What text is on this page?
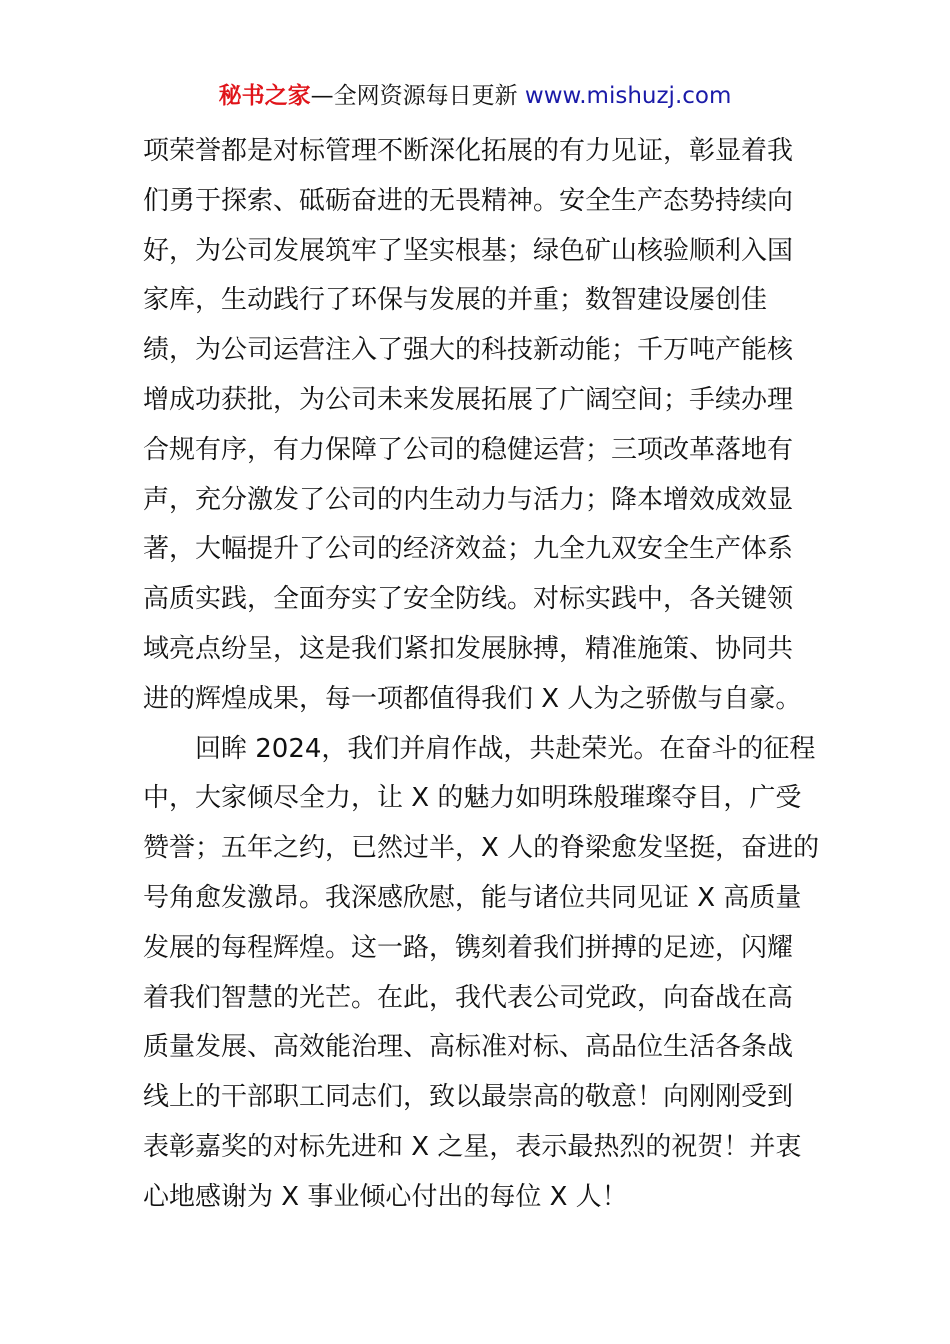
秘书之家—全网资源每日更新 www.mishuzj.com
项荣誉都是对标管理不断深化拓展的有力见证，彰显着我
们勇于探索、砥砺奋进的无畏精神。安全生产态势持续向
好，为公司发展筑牢了坚实根基；绿色矿山核验顺利入国
家库，生动践行了环保与发展的并重；数智建设屡创佳
绩，为公司运营注入了强大的科技新动能；千万吨产能核
增成功获批，为公司未来发展拓展了广阔空间；手续办理
合规有序，有力保障了公司的稳健运营；三项改革落地有
声，充分激发了公司的内生动力与活力；降本增效成效显
著，大幅提升了公司的经济效益；九全九双安全生产体系
高质实践，全面夯实了安全防线。对标实践中，各关键领
域亮点纷呈，这是我们紧扣发展脉搏，精准施策、协同共
进的辉煌成果，每一项都值得我们 X 人为之骄傲与自豪。
回眸 2024，我们并肩作战，共赴荣光。在奋斗的征程
中，大家倾尽全力，让 X 的魅力如明珠般璀璨夺目，广受
赞誉；五年之约，已然过半，X 人的脊梁愈发坚挺，奋进的
号角愈发激昂。我深感欣慰，能与诸位共同见证 X 高质量
发展的每程辉煌。这一路，镌刻着我们拼搏的足迹，闪耀
着我们智慧的光芒。在此，我代表公司党政，向奋战在高
质量发展、高效能治理、高标准对标、高品位生活各条战
线上的干部职工同志们，致以最崇高的敬意！向刚刚受到
表彰嘉奖的对标先进和 X 之星，表示最热烈的祝贺！并衷
心地感谢为 X 事业倾心付出的每位 X 人！
